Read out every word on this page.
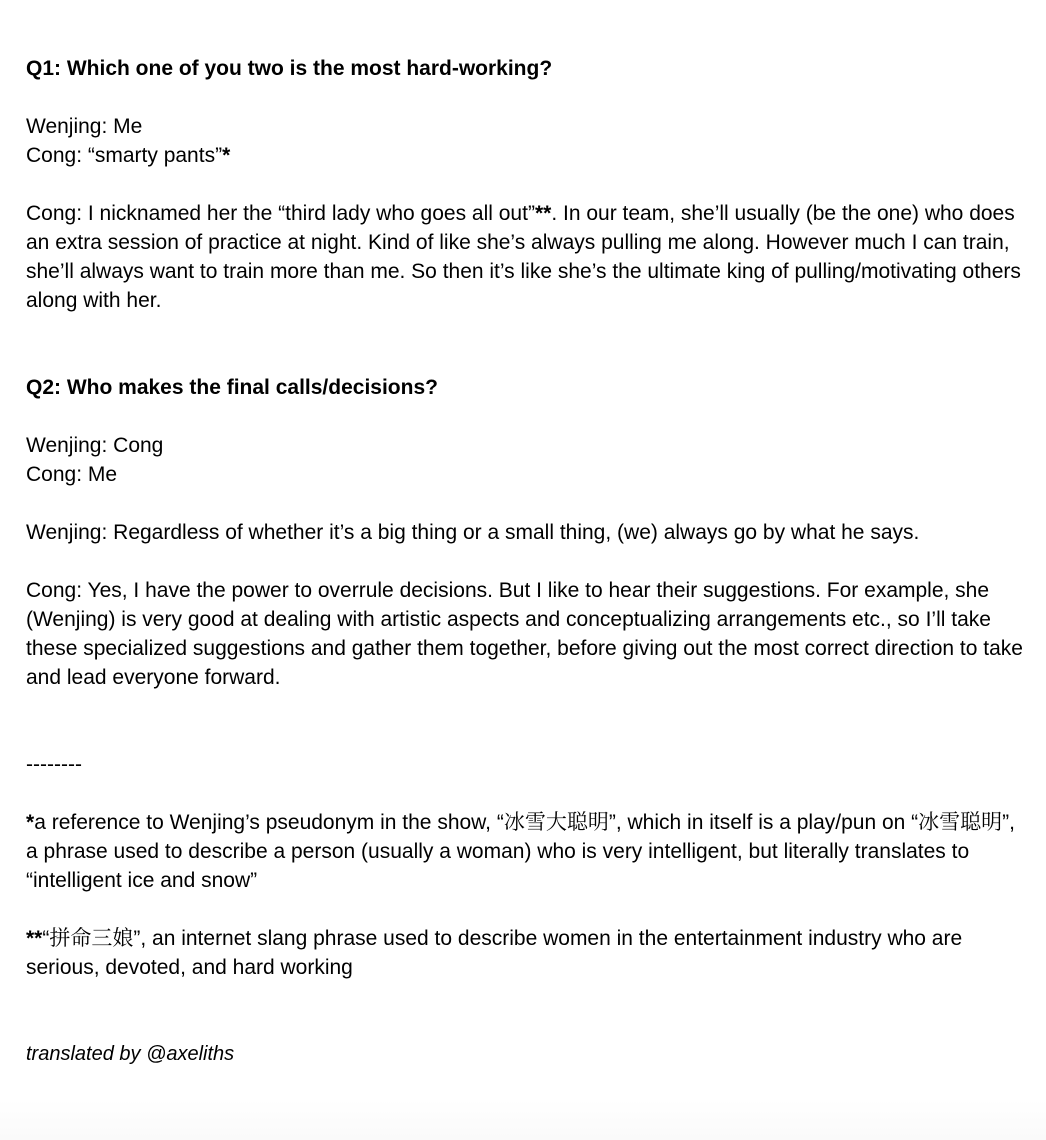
Q1: Which one of you two is the most hard-working?

Wenjing: Me

Cong: “smarty pants”*

Cong: I nicknamed her the “third lady who goes all out”**. In our team, she’ll usually (be the one) who does an extra session of practice at night. Kind of like she’s always pulling me along. However much I can train, she’ll always want to train more than me. So then it’s like she’s the ultimate king of pulling/motivating others along with her.

Q2: Who makes the final calls/decisions?

Wenjing: Cong

Cong: Me

Wenjing: Regardless of whether it’s a big thing or a small thing, (we) always go by what he says.

Cong: Yes, I have the power to overrule decisions. But I like to hear their suggestions. For example, she (Wenjing) is very good at dealing with artistic aspects and conceptualizing arrangements etc., so I’ll take these specialized suggestions and gather them together, before giving out the most correct direction to take and lead everyone forward.

--------

*a reference to Wenjing’s pseudonym in the show, “冰雪大聪明”, which in itself is a play/pun on “冰雪聪明”, a phrase used to describe a person (usually a woman) who is very intelligent, but literally translates to “intelligent ice and snow”

**“拼命三娘”, an internet slang phrase used to describe women in the entertainment industry who are serious, devoted, and hard working

translated by @axeliths
